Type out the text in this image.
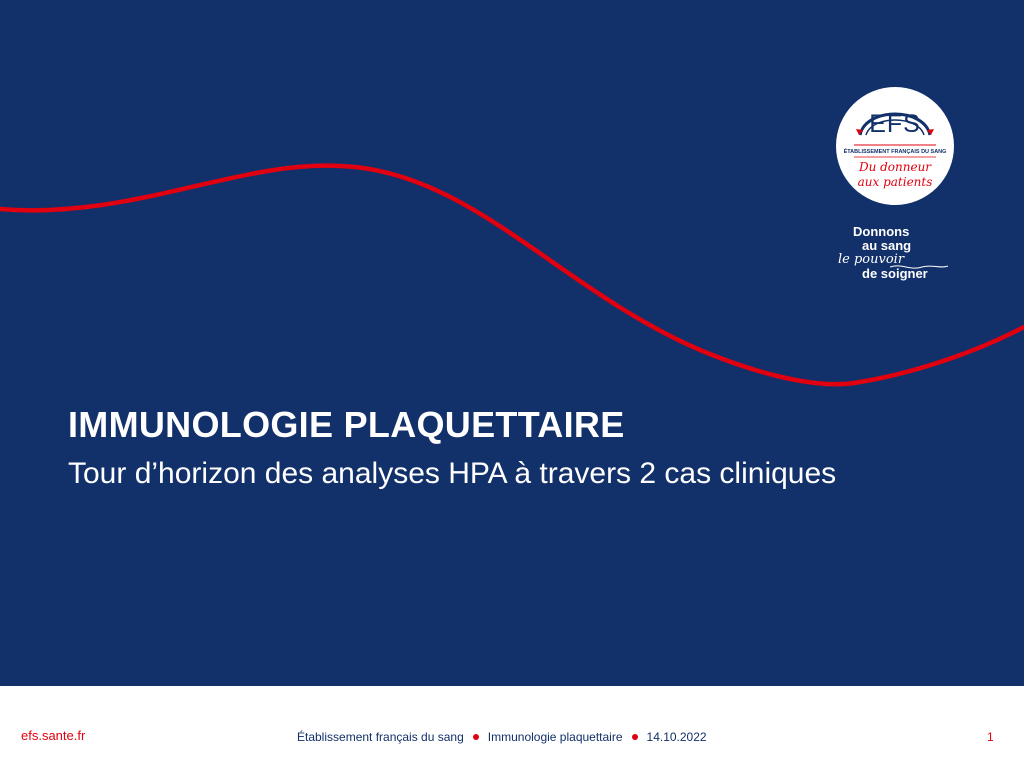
EFS
ÉTABLISSEMENT FRANÇAIS DU SANG
Du donneur
aux patients
Donnons
au sang
le pouvoir
de soigner
IMMUNOLOGIE PLAQUETTAIRE
Tour d’horizon des analyses HPA à travers 2 cas cliniques
efs.sante.fr	Établissement français du sang Immunologie plaquettaire 14.10.2022	1
